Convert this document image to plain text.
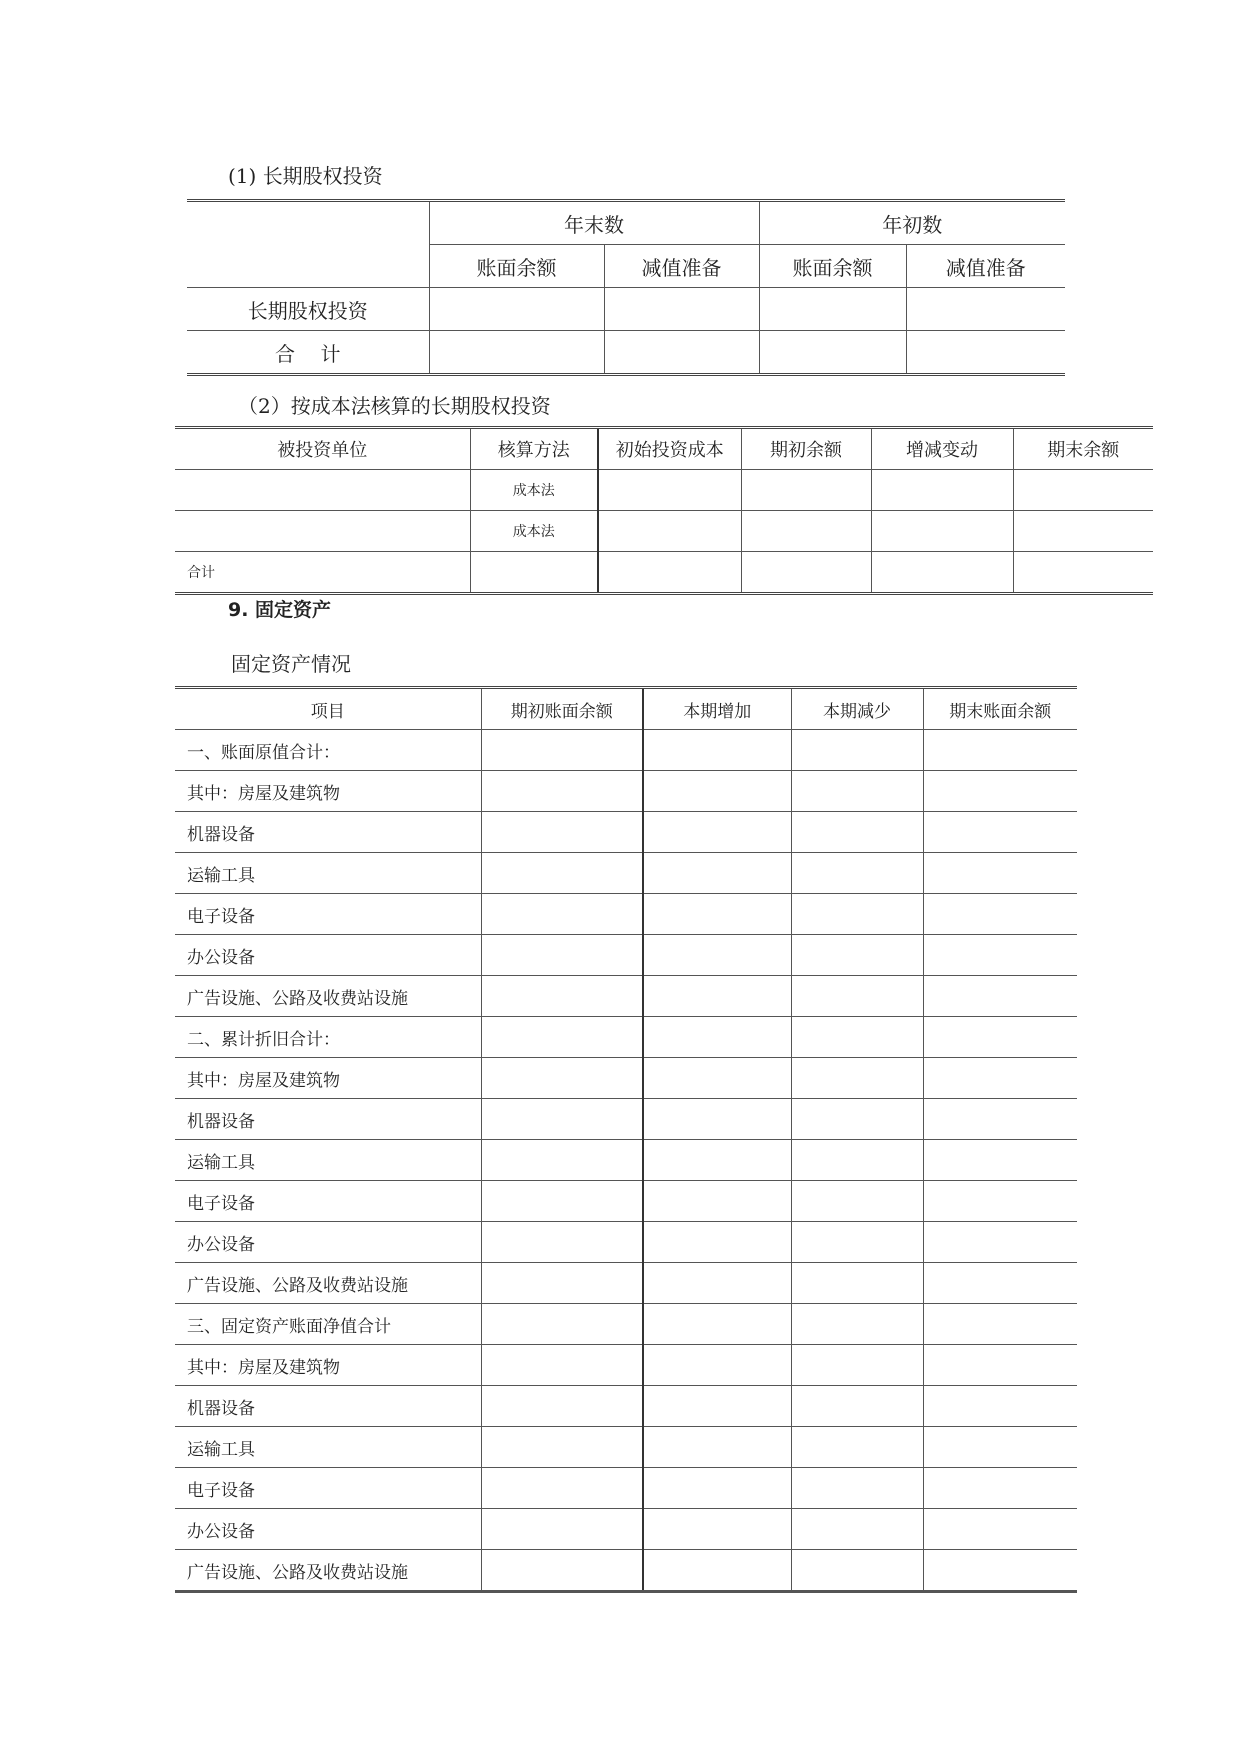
(1) 长期股权投资
	年末数		年初数	
	账面余额	减值准备	账面余额	减值准备
长期股权投资				
合    计				
（2）按成本法核算的长期股权投资
被投资单位	核算方法	初始投资成本	期初余额	增减变动	期末余额
	成本法				
	成本法				
合计					
9. 固定资产
固定资产情况
项目	期初账面余额	本期增加	本期减少	期末账面余额
一、账面原值合计：				
其中：房屋及建筑物				
机器设备				
运输工具				
电子设备				
办公设备				
广告设施、公路及收费站设施				
二、累计折旧合计：				
其中：房屋及建筑物				
机器设备				
运输工具				
电子设备				
办公设备				
广告设施、公路及收费站设施				
三、固定资产账面净值合计				
其中：房屋及建筑物				
机器设备				
运输工具				
电子设备				
办公设备				
广告设施、公路及收费站设施				
